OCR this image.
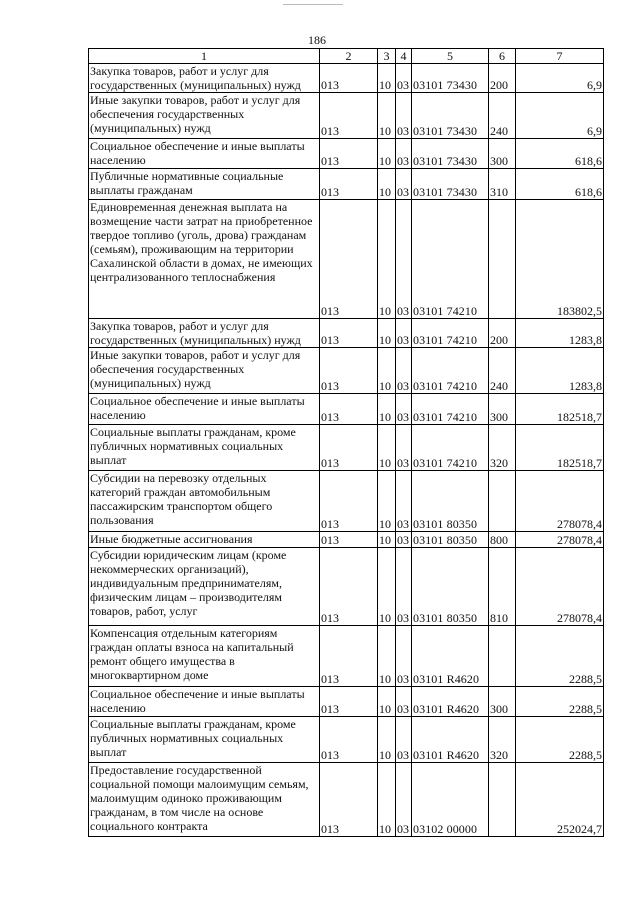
186
1	2	3	4	5	6	7
Закупка товаров, работ и услуг для государственных (муниципальных) нужд	013	10	03	03101 73430	200	6,9
Иные закупки товаров, работ и услуг для обеспечения государственных (муниципальных) нужд	013	10	03	03101 73430	240	6,9
Социальное обеспечение и иные выплаты населению	013	10	03	03101 73430	300	618,6
Публичные нормативные социальные выплаты гражданам	013	10	03	03101 73430	310	618,6
Единовременная денежная выплата на возмещение части затрат на приобретенное твердое топливо (уголь, дрова) гражданам (семьям), проживающим на территории Сахалинской области в домах, не имеющих централизованного теплоснабжения	013	10	03	03101 74210		183802,5
Закупка товаров, работ и услуг для государственных (муниципальных) нужд	013	10	03	03101 74210	200	1283,8
Иные закупки товаров, работ и услуг для обеспечения государственных (муниципальных) нужд	013	10	03	03101 74210	240	1283,8
Социальное обеспечение и иные выплаты населению	013	10	03	03101 74210	300	182518,7
Социальные выплаты гражданам, кроме публичных нормативных социальных выплат	013	10	03	03101 74210	320	182518,7
Субсидии на перевозку отдельных категорий граждан автомобильным пассажирским транспортом общего пользования	013	10	03	03101 80350		278078,4
Иные бюджетные ассигнования	013	10	03	03101 80350	800	278078,4
Субсидии юридическим лицам (кроме некоммерческих организаций), индивидуальным предпринимателям, физическим лицам – производителям товаров, работ, услуг	013	10	03	03101 80350	810	278078,4
Компенсация отдельным категориям граждан оплаты взноса на капитальный ремонт общего имущества в многоквартирном доме	013	10	03	03101 R4620		2288,5
Социальное обеспечение и иные выплаты населению	013	10	03	03101 R4620	300	2288,5
Социальные выплаты гражданам, кроме публичных нормативных социальных выплат	013	10	03	03101 R4620	320	2288,5
Предоставление государственной социальной помощи малоимущим семьям, малоимущим одиноко проживающим гражданам, в том числе на основе социального контракта	013	10	03	03102 00000		252024,7
